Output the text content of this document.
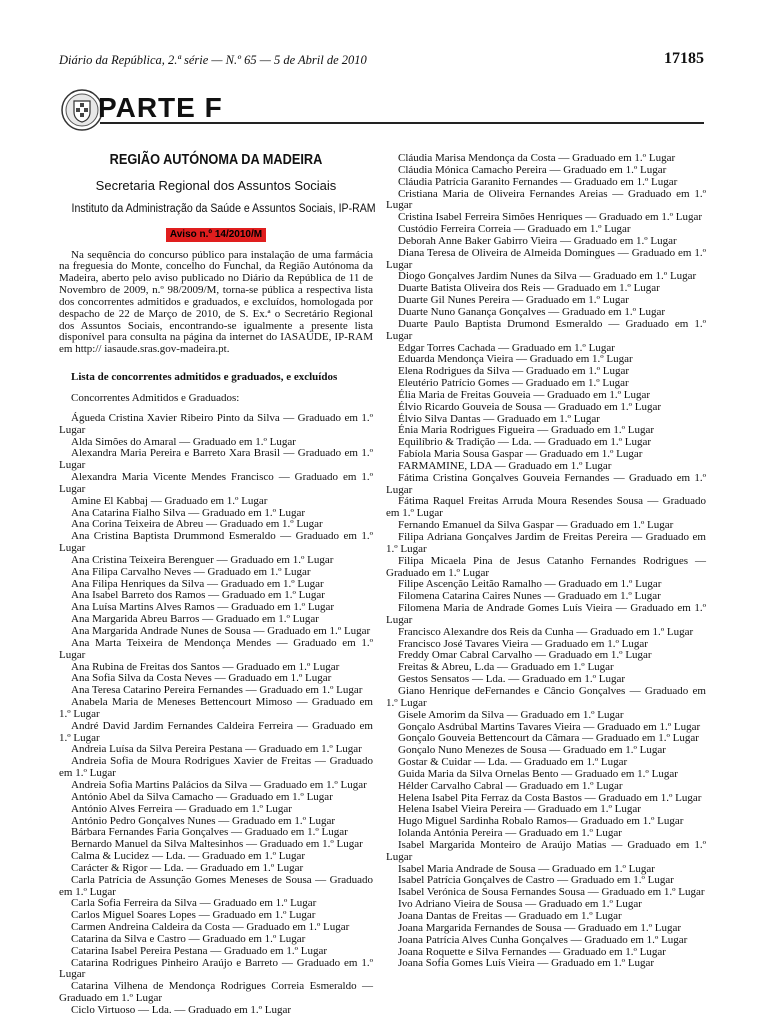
Diário da República, 2.ª série — N.º 65 — 5 de Abril de 2010	17185
PARTE F
REGIÃO AUTÓNOMA DA MADEIRA
Secretaria Regional dos Assuntos Sociais
Instituto da Administração da Saúde e Assuntos Sociais, IP-RAM
Aviso n.º 14/2010/M

Na sequência do concurso público para instalação de uma farmácia na freguesia do Monte, concelho do Funchal, da Região Autónoma da Madeira, aberto pelo aviso publicado no Diário da República de 11 de Novembro de 2009, n.º 98/2009/M, torna-se pública a respectiva lista dos concorrentes admitidos e graduados, e excluídos, homologada por despacho de 22 de Março de 2010, de S. Ex.ª o Secretário Regional dos Assuntos Sociais, encontrando-se igualmente a presente lista disponível para consulta na página da internet do IASAÚDE, IP-RAM em http:// iasaude.sras.gov-madeira.pt.

Lista de concorrentes admitidos e graduados, e excluídos

Concorrentes Admitidos e Graduados:

Águeda Cristina Xavier Ribeiro Pinto da Silva — Graduado em 1.º Lugar

Alda Simões do Amaral — Graduado em 1.º Lugar

Alexandra Maria Pereira e Barreto Xara Brasil — Graduado em 1.º Lugar

Alexandra Maria Vicente Mendes Francisco — Graduado em 1.º Lugar

Amine El Kabbaj — Graduado em 1.º Lugar

Ana Catarina Fialho Silva — Graduado em 1.º Lugar

Ana Corina Teixeira de Abreu — Graduado em 1.º Lugar

Ana Cristina Baptista Drummond Esmeraldo — Graduado em 1.º Lugar

Ana Cristina Teixeira Berenguer — Graduado em 1.º Lugar

Ana Filipa Carvalho Neves — Graduado em 1.º Lugar

Ana Filipa Henriques da Silva — Graduado em 1.º Lugar

Ana Isabel Barreto dos Ramos — Graduado em 1.º Lugar

Ana Luísa Martins Alves Ramos — Graduado em 1.º Lugar

Ana Margarida Abreu Barros — Graduado em 1.º Lugar

Ana Margarida Andrade Nunes de Sousa — Graduado em 1.º Lugar

Ana Marta Teixeira de Mendonça Mendes — Graduado em 1.º Lugar

Ana Rubina de Freitas dos Santos — Graduado em 1.º Lugar

Ana Sofia Silva da Costa Neves — Graduado em 1.º Lugar

Ana Teresa Catarino Pereira Fernandes — Graduado em 1.º Lugar

Anabela Maria de Meneses Bettencourt Mimoso — Graduado em 1.º Lugar

André David Jardim Fernandes Caldeira Ferreira — Graduado em 1.º Lugar

Andreia Luísa da Silva Pereira Pestana — Graduado em 1.º Lugar

Andreia Sofia de Moura Rodrigues Xavier de Freitas — Graduado em 1.º Lugar

Andreia Sofia Martins Palácios da Silva — Graduado em 1.º Lugar

António Abel da Silva Camacho — Graduado em 1.º Lugar

António Alves Ferreira — Graduado em 1.º Lugar

António Pedro Gonçalves Nunes — Graduado em 1.º Lugar

Bárbara Fernandes Faria Gonçalves — Graduado em 1.º Lugar

Bernardo Manuel da Silva Maltesinhos — Graduado em 1.º Lugar

Calma & Lucidez — Lda. — Graduado em 1.º Lugar

Carácter & Rigor — Lda. — Graduado em 1.º Lugar

Carla Patrícia de Assunção Gomes Meneses de Sousa — Graduado em 1.º Lugar

Carla Sofia Ferreira da Silva — Graduado em 1.º Lugar

Carlos Miguel Soares Lopes — Graduado em 1.º Lugar

Carmen Andreina Caldeira da Costa — Graduado em 1.º Lugar

Catarina da Silva e Castro — Graduado em 1.º Lugar

Catarina Isabel Pereira Pestana — Graduado em 1.º Lugar

Catarina Rodrigues Pinheiro Araújo e Barreto — Graduado em 1.º Lugar

Catarina Vilhena de Mendonça Rodrigues Correia Esmeraldo — Graduado em 1.º Lugar

Ciclo Virtuoso — Lda. — Graduado em 1.º Lugar

Cláudia Marisa Mendonça da Costa — Graduado em 1.º Lugar

Cláudia Mónica Camacho Pereira — Graduado em 1.º Lugar

Cláudia Patrícia Garanito Fernandes — Graduado em 1.º Lugar

Cristiana Maria de Oliveira Fernandes Areias — Graduado em 1.º Lugar

Cristina Isabel Ferreira Simões Henriques — Graduado em 1.º Lugar

Custódio Ferreira Correia — Graduado em 1.º Lugar

Deborah Anne Baker Gabirro Vieira — Graduado em 1.º Lugar

Diana Teresa de Oliveira de Almeida Domingues — Graduado em 1.º Lugar

Diogo Gonçalves Jardim Nunes da Silva — Graduado em 1.º Lugar

Duarte Batista Oliveira dos Reis — Graduado em 1.º Lugar

Duarte Gil Nunes Pereira — Graduado em 1.º Lugar

Duarte Nuno Ganança Gonçalves — Graduado em 1.º Lugar

Duarte Paulo Baptista Drumond Esmeraldo — Graduado em 1.º Lugar

Edgar Torres Cachada — Graduado em 1.º Lugar

Eduarda Mendonça Vieira — Graduado em 1.º Lugar

Elena Rodrigues da Silva — Graduado em 1.º Lugar

Eleutério Patrício Gomes — Graduado em 1.º Lugar

Élia Maria de Freitas Gouveia — Graduado em 1.º Lugar

Élvio Ricardo Gouveia de Sousa — Graduado em 1.º Lugar

Élvio Silva Dantas — Graduado em 1.º Lugar

Énia Maria Rodrigues Figueira — Graduado em 1.º Lugar

Equilíbrio & Tradição — Lda. — Graduado em 1.º Lugar

Fabíola Maria Sousa Gaspar — Graduado em 1.º Lugar

FARMAMINE, LDA — Graduado em 1.º Lugar

Fátima Cristina Gonçalves Gouveia Fernandes — Graduado em 1.º Lugar

Fátima Raquel Freitas Arruda Moura Resendes Sousa — Graduado em 1.º Lugar

Fernando Emanuel da Silva Gaspar — Graduado em 1.º Lugar

Filipa Adriana Gonçalves Jardim de Freitas Pereira — Graduado em 1.º Lugar

Filipa Micaela Pina de Jesus Catanho Fernandes Rodrigues — Graduado em 1.º Lugar

Filipe Ascenção Leitão Ramalho — Graduado em 1.º Lugar

Filomena Catarina Caires Nunes — Graduado em 1.º Lugar

Filomena Maria de Andrade Gomes Luís Vieira — Graduado em 1.º Lugar

Francisco Alexandre dos Reis da Cunha — Graduado em 1.º Lugar

Francisco José Tavares Vieira — Graduado em 1.º Lugar

Freddy Omar Cabral Carvalho — Graduado em 1.º Lugar

Freitas & Abreu, L.da — Graduado em 1.º Lugar

Gestos Sensatos — Lda. — Graduado em 1.º Lugar

Giano Henrique deFernandes e Câncio Gonçalves — Graduado em 1.º Lugar

Gisele Amorim da Silva — Graduado em 1.º Lugar

Gonçalo Asdrúbal Martins Tavares Vieira — Graduado em 1.º Lugar

Gonçalo Gouveia Bettencourt da Câmara — Graduado em 1.º Lugar

Gonçalo Nuno Menezes de Sousa — Graduado em 1.º Lugar

Gostar & Cuidar — Lda. — Graduado em 1.º Lugar

Guida Maria da Silva Ornelas Bento — Graduado em 1.º Lugar

Hélder Carvalho Cabral — Graduado em 1.º Lugar

Helena Isabel Pita Ferraz da Costa Bastos — Graduado em 1.º Lugar

Helena Isabel Vieira Pereira — Graduado em 1.º Lugar

Hugo Miguel Sardinha Robalo Ramos— Graduado em 1.º Lugar

Iolanda Antónia Pereira — Graduado em 1.º Lugar

Isabel Margarida Monteiro de Araújo Matias — Graduado em 1.º Lugar

Isabel Maria Andrade de Sousa — Graduado em 1.º Lugar

Isabel Patrícia Gonçalves de Castro — Graduado em 1.º Lugar

Isabel Verónica de Sousa Fernandes Sousa — Graduado em 1.º Lugar

Ivo Adriano Vieira de Sousa — Graduado em 1.º Lugar

Joana Dantas de Freitas — Graduado em 1.º Lugar

Joana Margarida Fernandes de Sousa — Graduado em 1.º Lugar

Joana Patrícia Alves Cunha Gonçalves — Graduado em 1.º Lugar

Joana Roquette e Silva Fernandes — Graduado em 1.º Lugar

Joana Sofia Gomes Luís Vieira — Graduado em 1.º Lugar
